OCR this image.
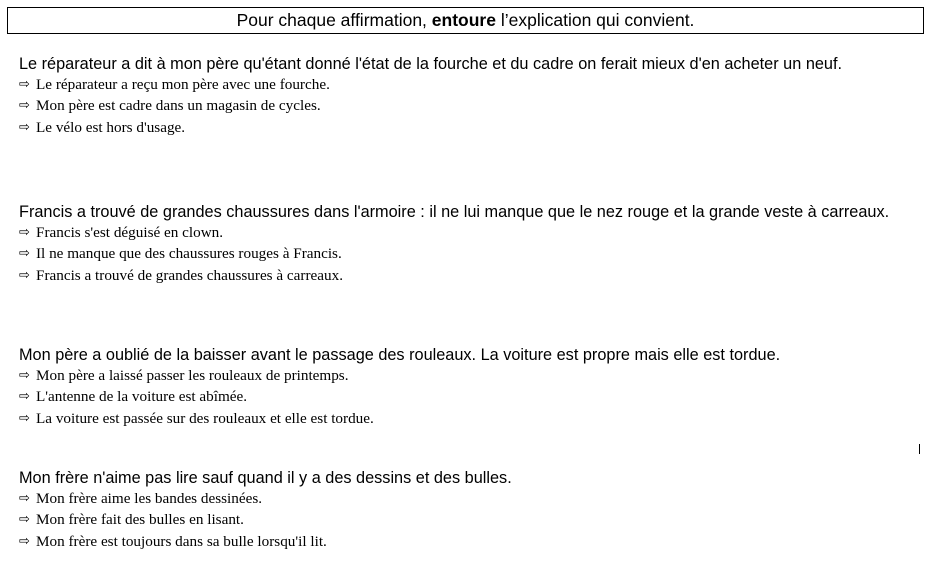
Pour chaque affirmation, entoure l’explication qui convient.

Le réparateur a dit à mon père qu'étant donné l'état de la fourche et du cadre on ferait mieux d'en acheter un neuf.

⇨ Le réparateur a reçu mon père avec une fourche.
⇨ Mon père est cadre dans un magasin de cycles.
⇨ Le vélo est hors d'usage.

Francis a trouvé de grandes chaussures dans l'armoire : il ne lui manque que le nez rouge et la grande veste à carreaux.

⇨ Francis s'est déguisé en clown.
⇨ Il ne manque que des chaussures rouges à Francis.
⇨ Francis a trouvé de grandes chaussures à carreaux.

Mon père a oublié de la baisser avant le passage des rouleaux. La voiture est propre mais elle est tordue.

⇨ Mon père a laissé passer les rouleaux de printemps.
⇨ L'antenne de la voiture est abîmée.
⇨ La voiture est passée sur des rouleaux et elle est tordue.

Mon frère n'aime pas lire sauf quand il y a des dessins et des bulles.

⇨ Mon frère aime les bandes dessinées.
⇨ Mon frère fait des bulles en lisant.
⇨ Mon frère est toujours dans sa bulle lorsqu'il lit.
